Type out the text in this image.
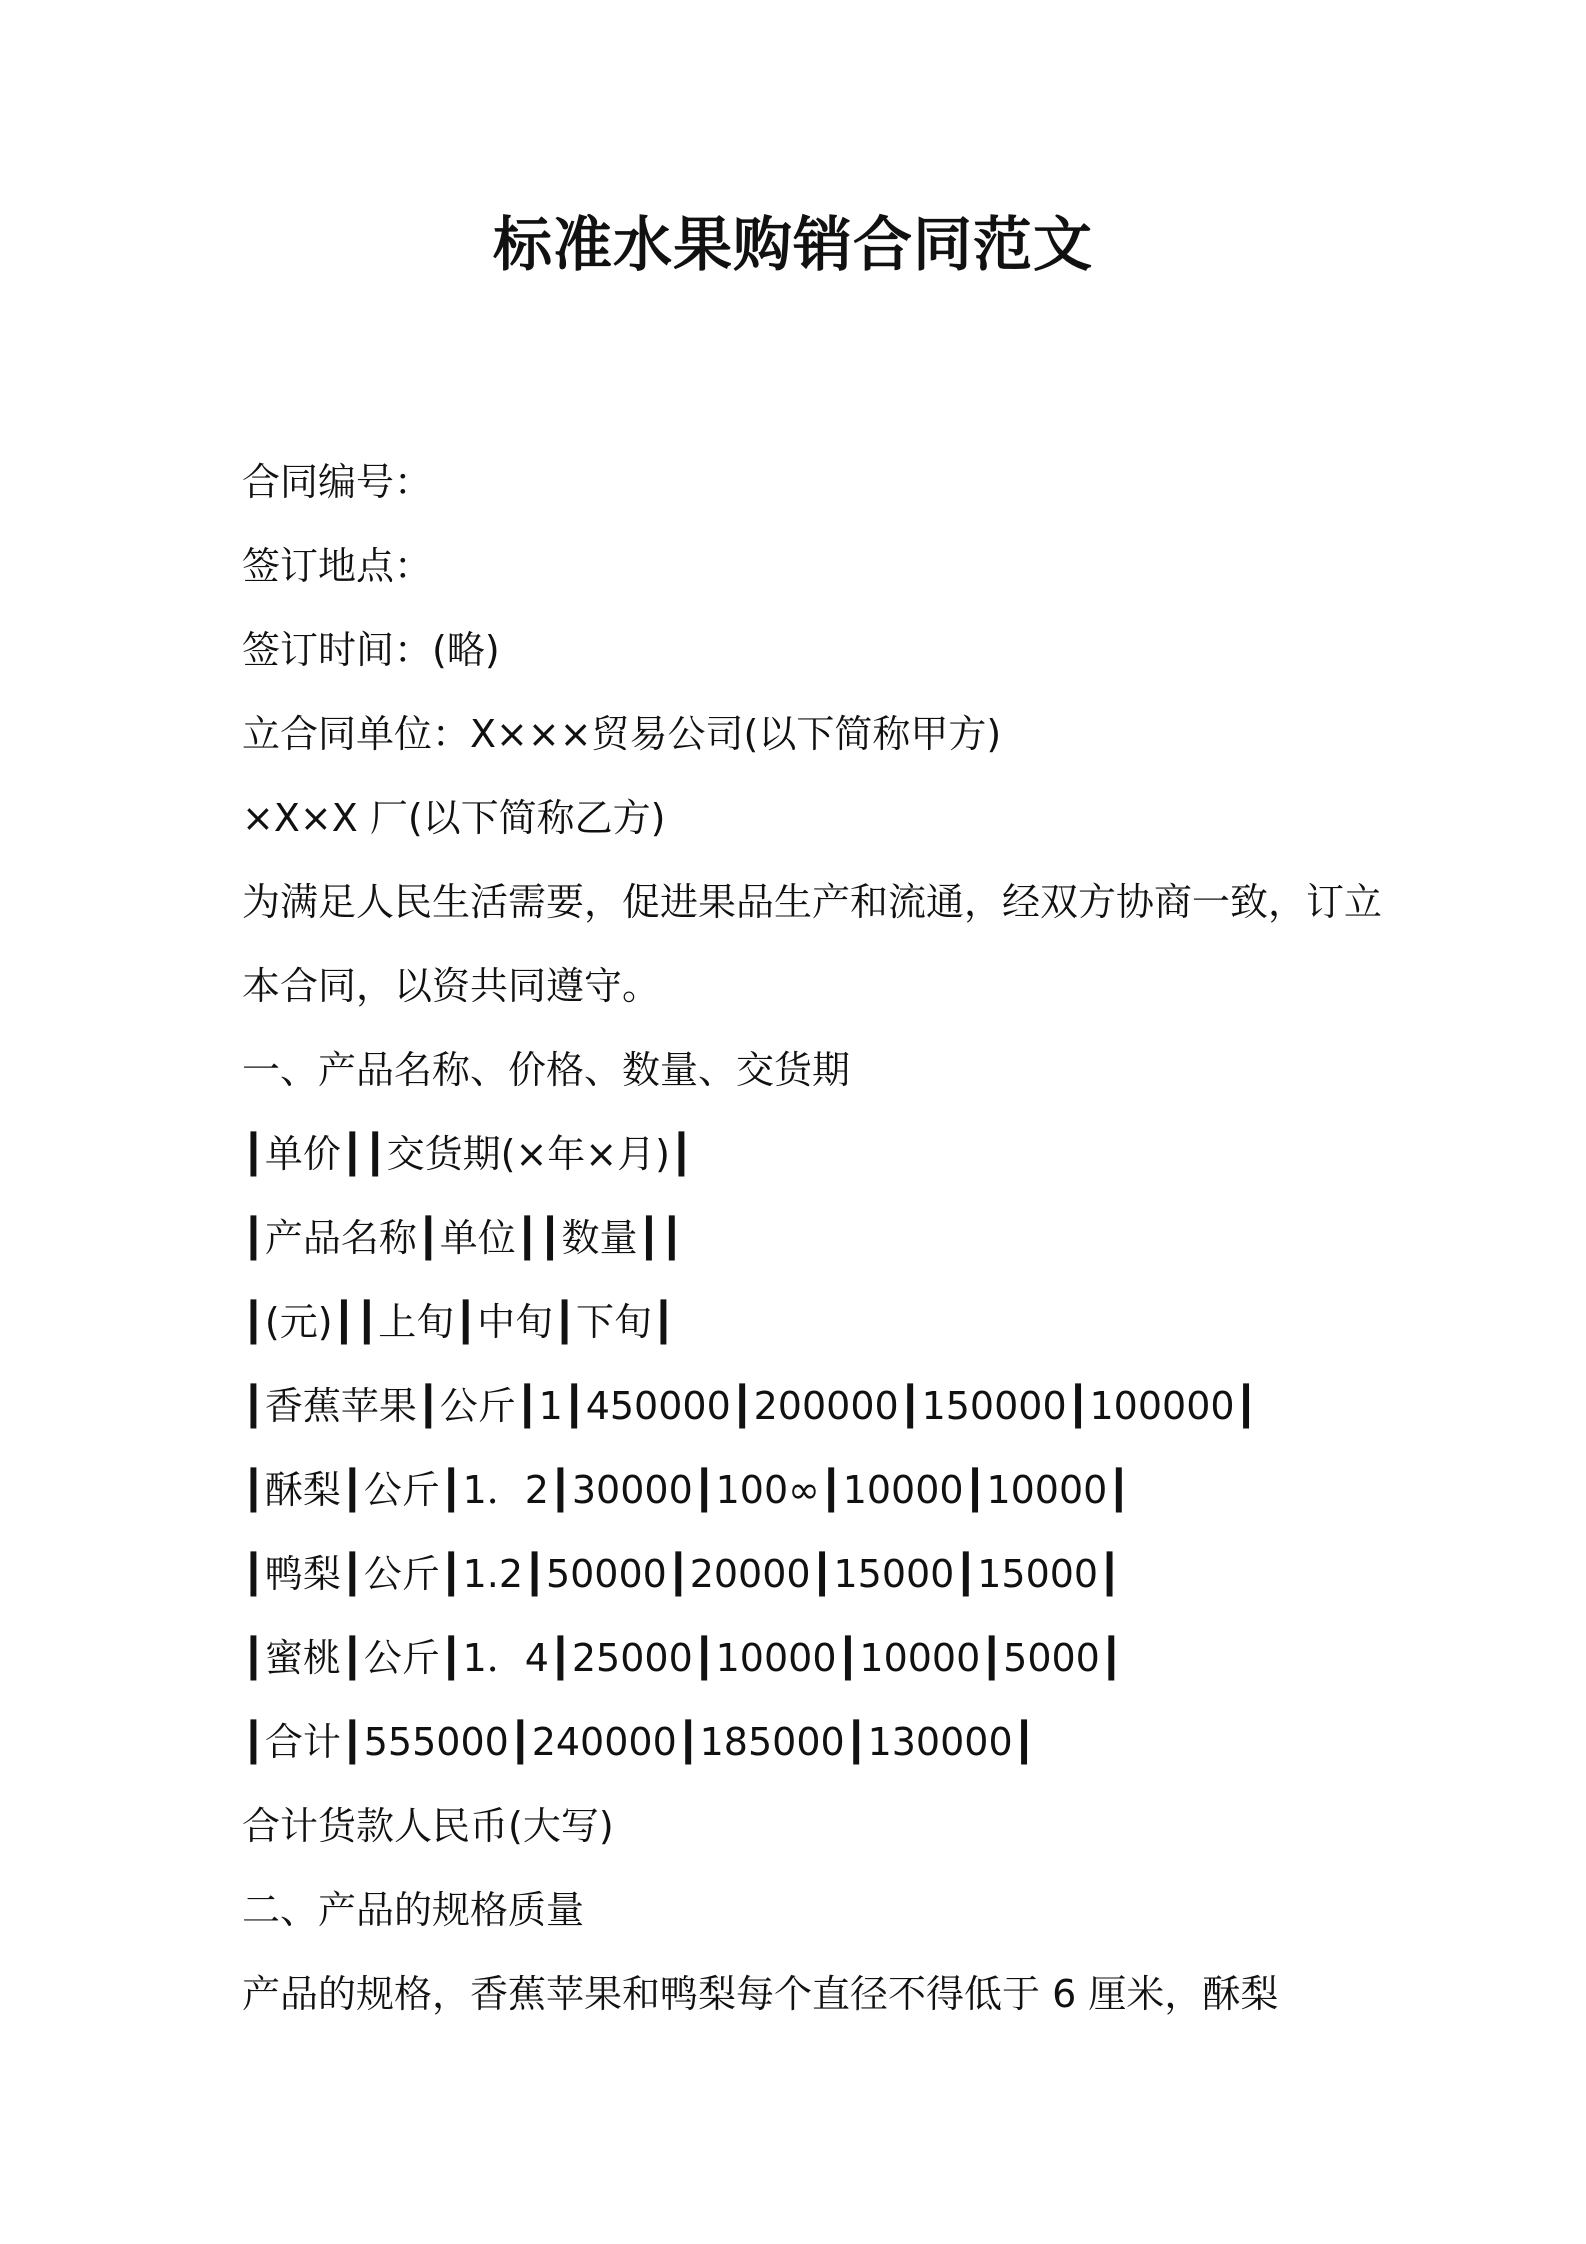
标准水果购销合同范文

合同编号：

签订地点：

签订时间：(略)

立合同单位：X×××贸易公司(以下简称甲方)

×X×X 厂(以下简称乙方)

为满足人民生活需要，促进果品生产和流通，经双方协商一致，订立

本合同，以资共同遵守。

一、产品名称、价格、数量、交货期

┃单价┃┃交货期(×年×月)┃

┃产品名称┃单位┃┃数量┃┃

┃(元)┃┃上旬┃中旬┃下旬┃

┃香蕉苹果┃公斤┃1┃450000┃200000┃150000┃100000┃

┃酥梨┃公斤┃1．2┃30000┃100∞┃10000┃10000┃

┃鸭梨┃公斤┃1.2┃50000┃20000┃15000┃15000┃

┃蜜桃┃公斤┃1．4┃25000┃10000┃10000┃5000┃

┃合计┃555000┃240000┃185000┃130000┃

合计货款人民币(大写)

二、产品的规格质量

产品的规格，香蕉苹果和鸭梨每个直径不得低于 6 厘米，酥梨
